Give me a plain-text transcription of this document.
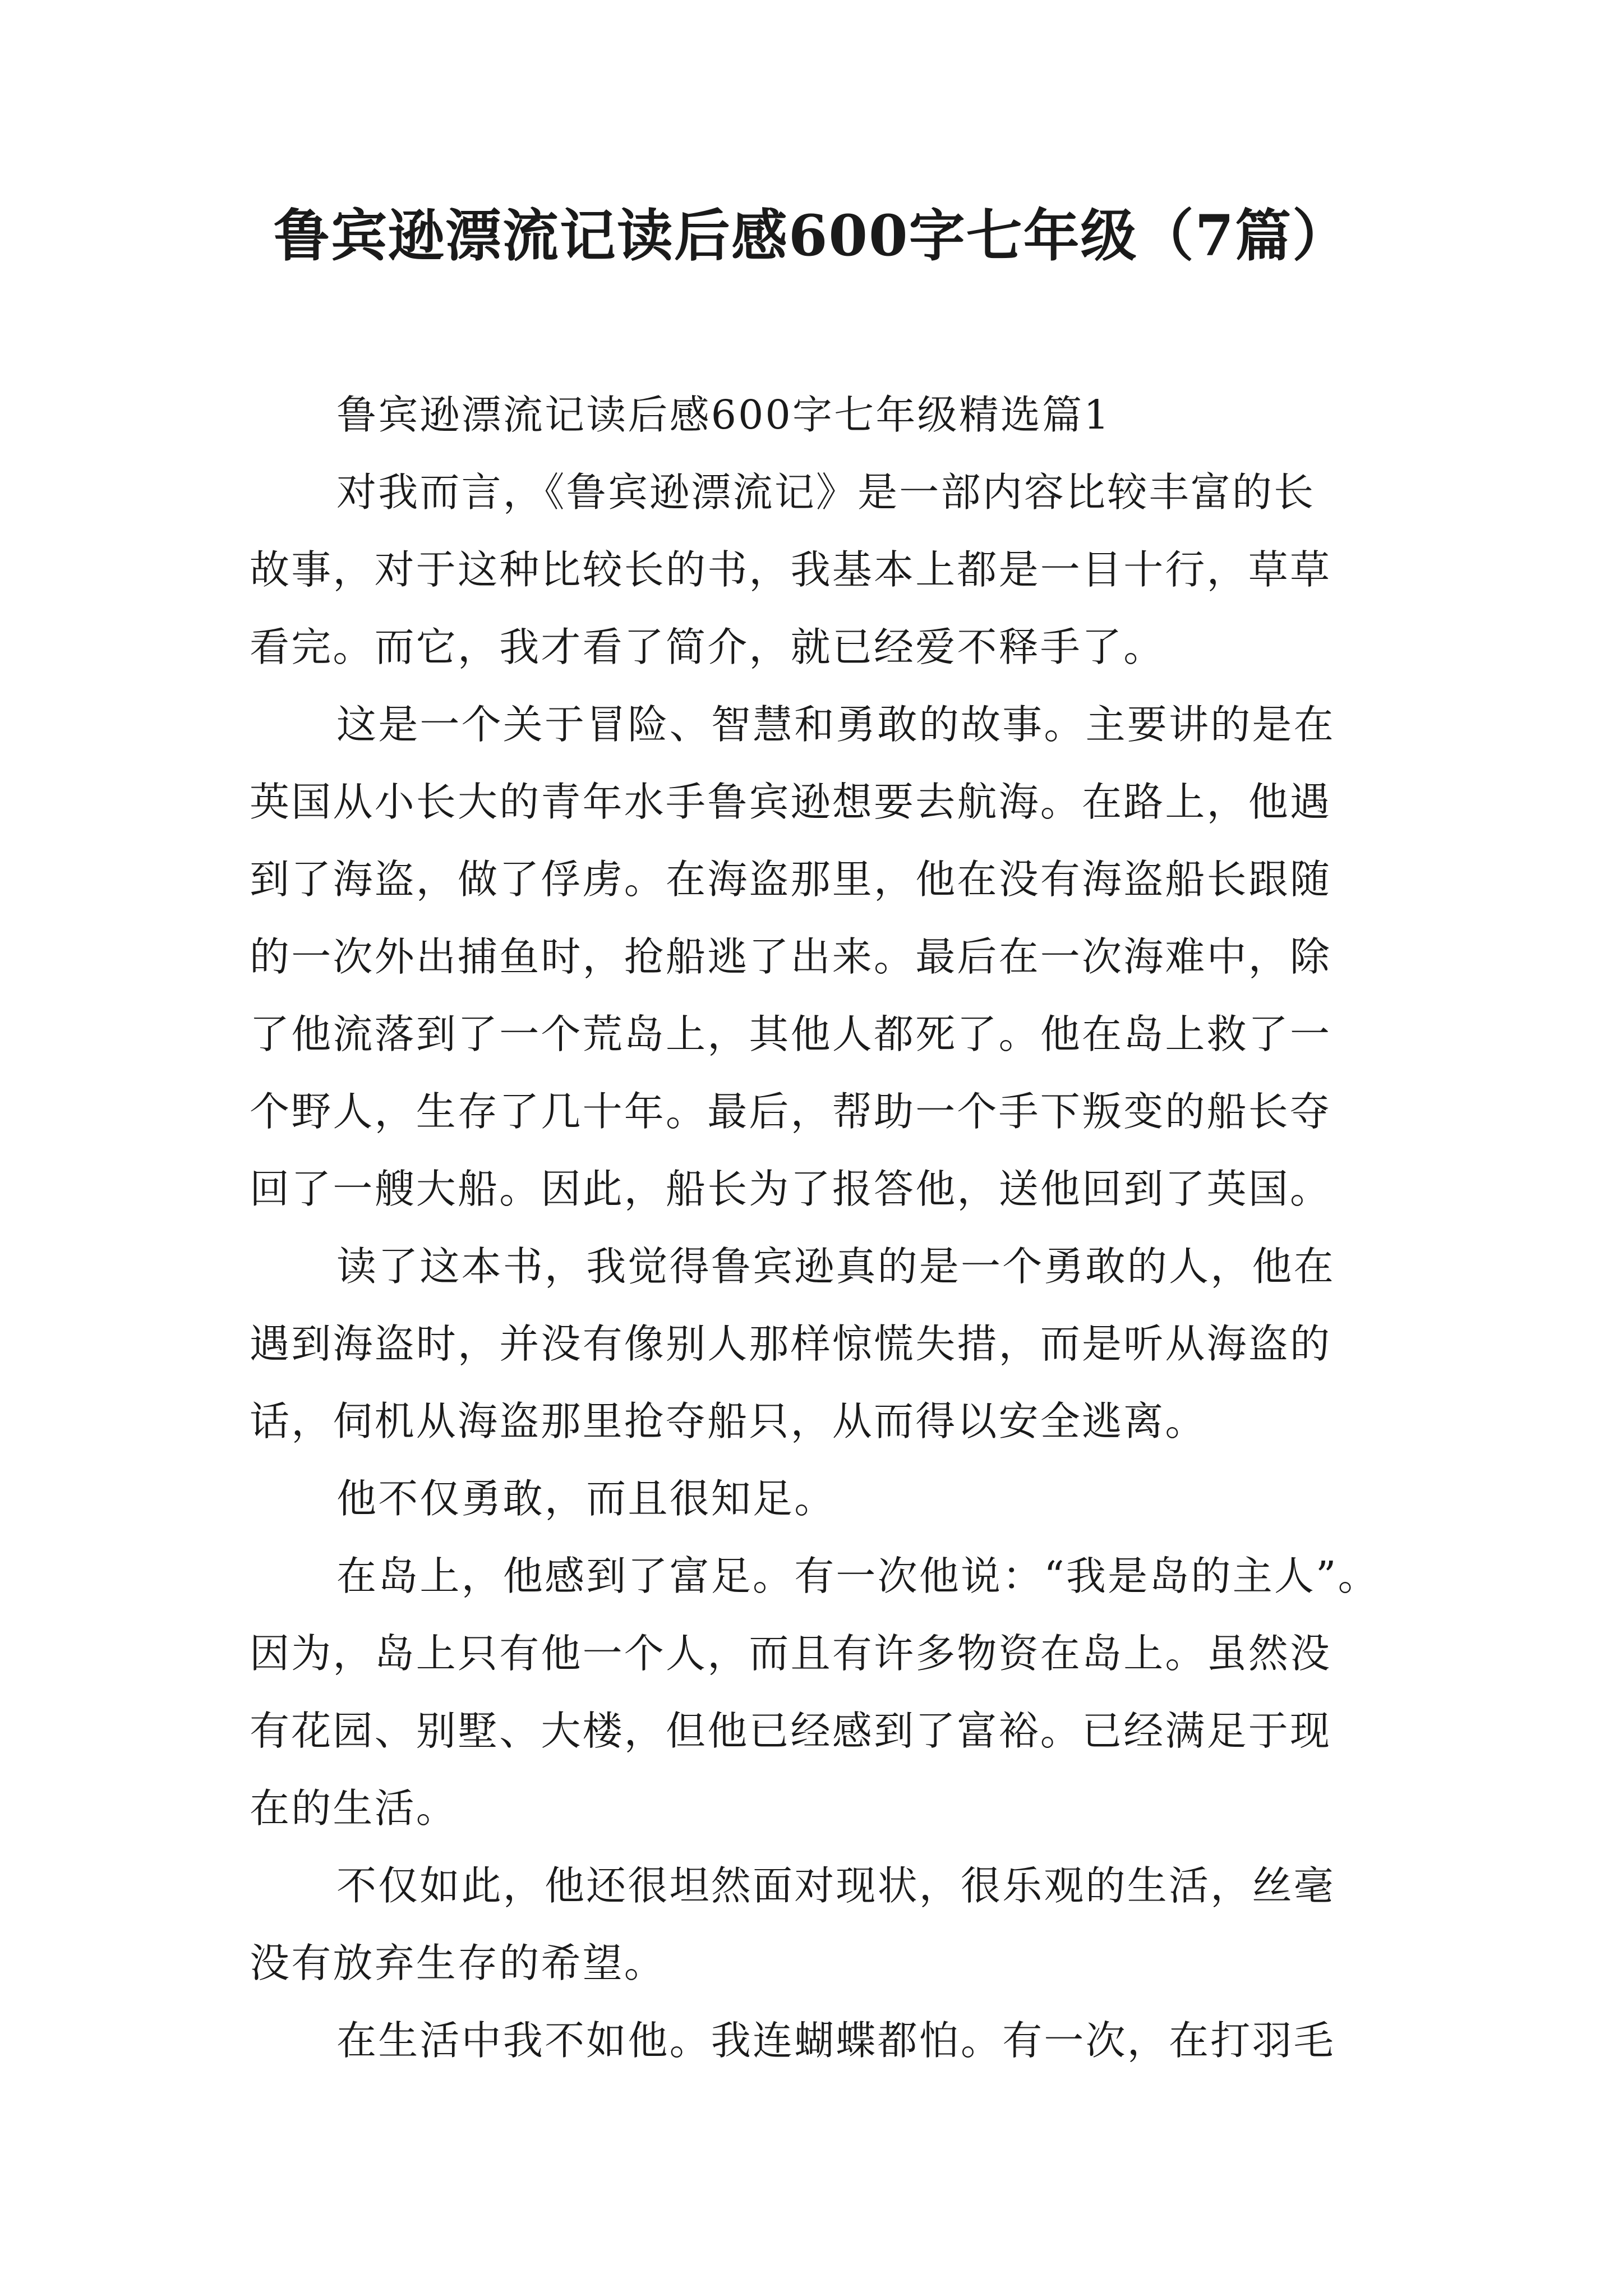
鲁宾逊漂流记读后感600字七年级（7篇）
鲁宾逊漂流记读后感600字七年级精选篇1
对我而言，《鲁宾逊漂流记》是一部内容比较丰富的长
故事，对于这种比较长的书，我基本上都是一目十行，草草
看完。而它，我才看了简介，就已经爱不释手了。
这是一个关于冒险、智慧和勇敢的故事。主要讲的是在
英国从小长大的青年水手鲁宾逊想要去航海。在路上，他遇
到了海盗，做了俘虏。在海盗那里，他在没有海盗船长跟随
的一次外出捕鱼时，抢船逃了出来。最后在一次海难中，除
了他流落到了一个荒岛上，其他人都死了。他在岛上救了一
个野人，生存了几十年。最后，帮助一个手下叛变的船长夺
回了一艘大船。因此，船长为了报答他，送他回到了英国。
读了这本书，我觉得鲁宾逊真的是一个勇敢的人，他在
遇到海盗时，并没有像别人那样惊慌失措，而是听从海盗的
话，伺机从海盗那里抢夺船只，从而得以安全逃离。
他不仅勇敢，而且很知足。
在岛上，他感到了富足。有一次他说：“我是岛的主人”。
因为，岛上只有他一个人，而且有许多物资在岛上。虽然没
有花园、别墅、大楼，但他已经感到了富裕。已经满足于现
在的生活。
不仅如此，他还很坦然面对现状，很乐观的生活，丝毫
没有放弃生存的希望。
在生活中我不如他。我连蝴蝶都怕。有一次，在打羽毛
